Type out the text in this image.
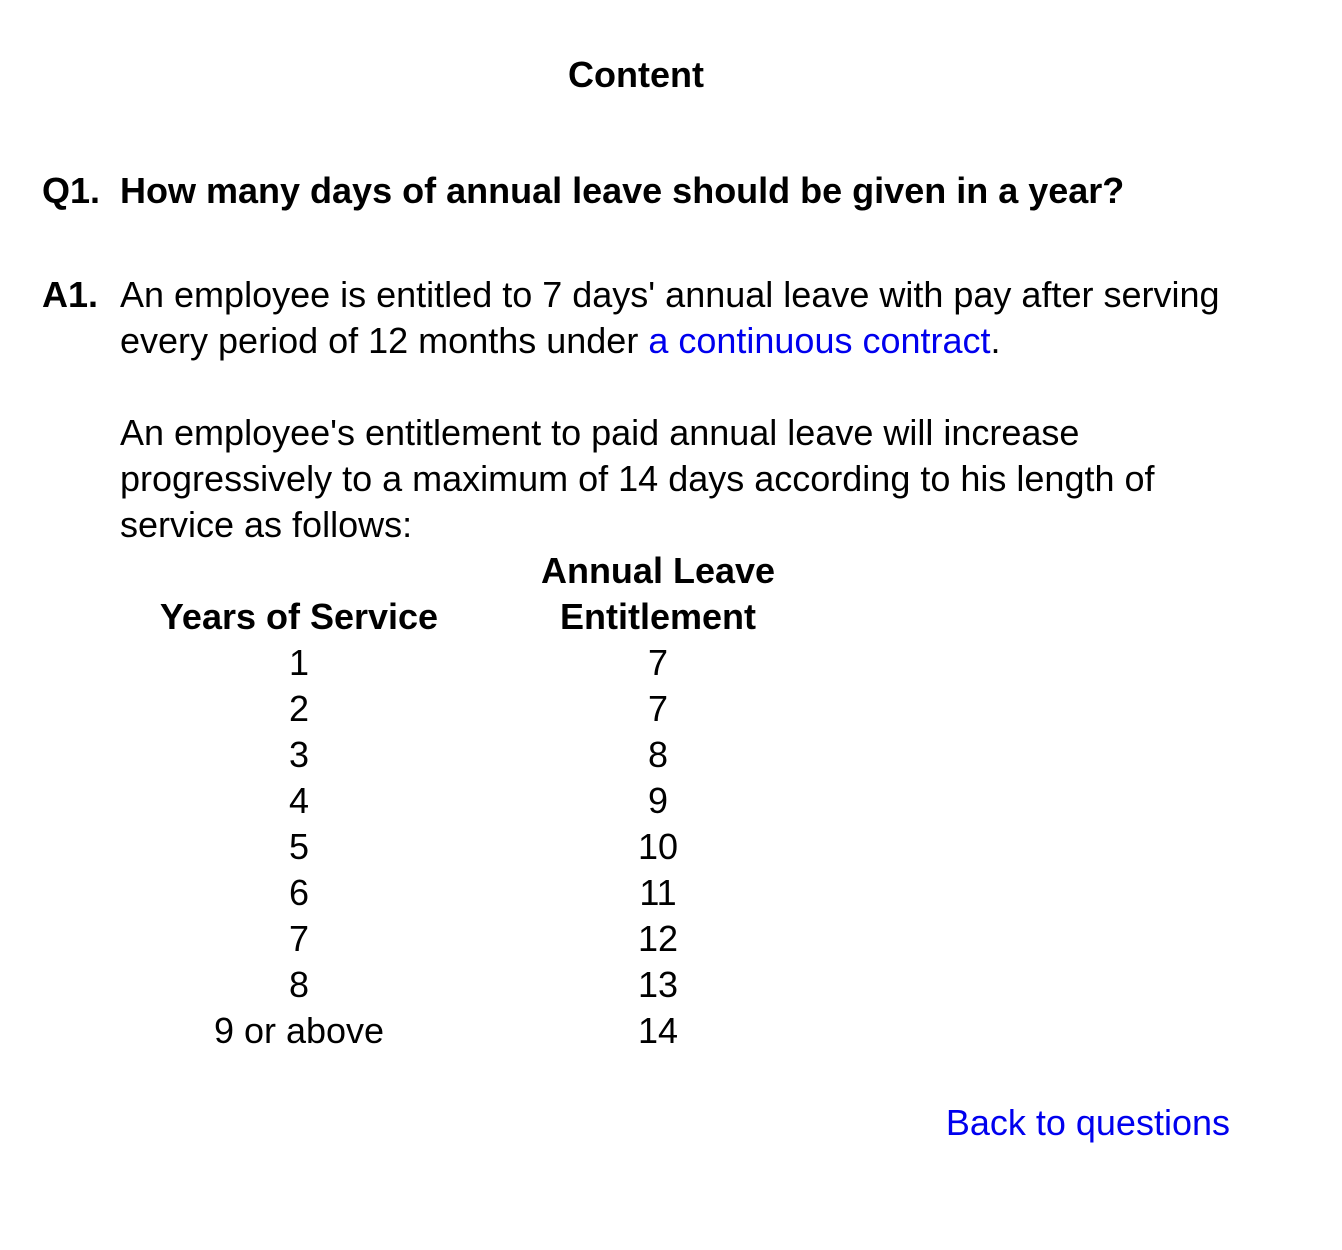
Content
Q1. How many days of annual leave should be given in a year?
A1. An employee is entitled to 7 days' annual leave with pay after serving every period of 12 months under a continuous contract.
An employee's entitlement to paid annual leave will increase progressively to a maximum of 14 days according to his length of service as follows:
Years of Service	Annual Leave
Entitlement

1	7
2	7
3	8
4	9
5	10
6	11
7	12
8	13
9 or above	14
Back to questions
